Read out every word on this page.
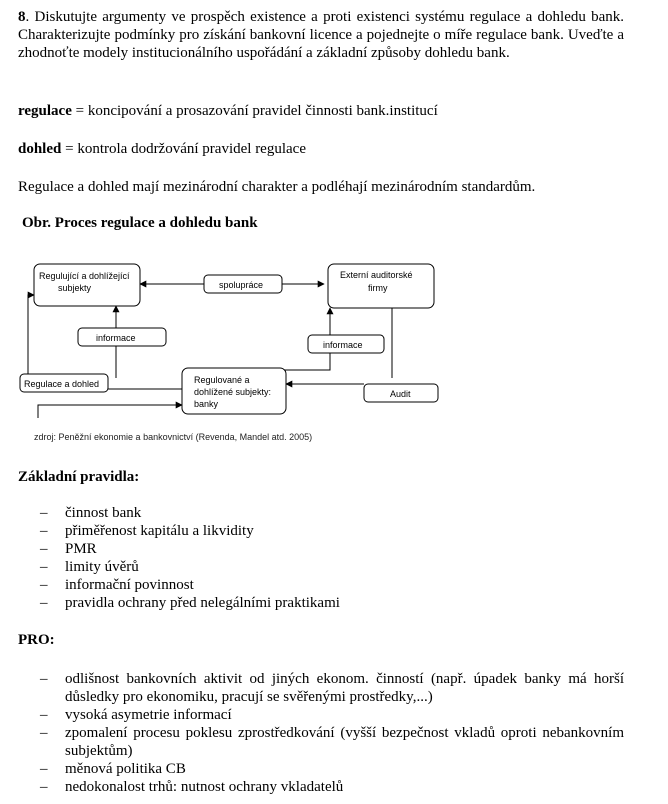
8. Diskutujte argumenty ve prospěch existence a proti existenci systému regulace a dohledu bank. Charakterizujte podmínky pro získání bankovní licence a pojednejte o míře regulace bank. Uveďte a zhodnoťte modely institucionálního uspořádání a základní způsoby dohledu bank.

regulace = koncipování a prosazování pravidel činnosti bank.institucí

dohled = kontrola dodržování pravidel regulace

Regulace a dohled mají mezinárodní charakter a podléhají mezinárodním standardům.

Obr. Proces regulace a dohledu bank

Regulující a dohlížející
subjekty
Externí auditorské
firmy
Regulované a
dohlížené subjekty:
banky
spolupráce
informace
informace
Regulace a dohled
Audit
zdroj: Peněžní ekonomie a bankovnictví (Revenda, Mandel atd. 2005)

Základní pravidla:

– činnost bank
– přiměřenost kapitálu a likvidity
– PMR
– limity úvěrů
– informační povinnost
– pravidla ochrany před nelegálními praktikami

PRO:

– odlišnost bankovních aktivit od jiných ekonom. činností (např. úpadek banky má horší důsledky pro ekonomiku, pracují se svěřenými prostředky,...)
– vysoká asymetrie informací
– zpomalení procesu poklesu zprostředkování (vyšší bezpečnost vkladů oproti nebankovním subjektům)
– měnová politika CB
– nedokonalost trhů: nutnost ochrany vkladatelů
